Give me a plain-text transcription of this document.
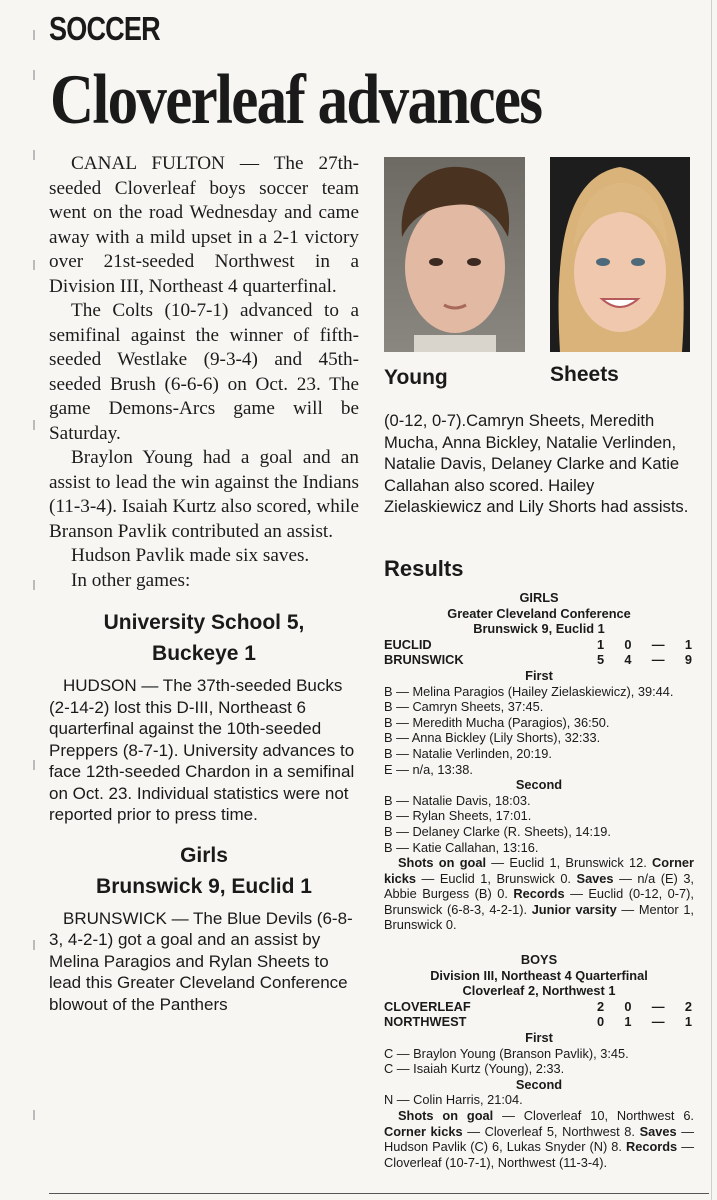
SOCCER
Cloverleaf advances

CANAL FULTON — The 27th-seeded Cloverleaf boys soccer team went on the road Wednesday and came away with a mild upset in a 2-1 victory over 21st-seeded Northwest in a Division III, Northeast 4 quarterfinal.

The Colts (10-7-1) advanced to a semifinal against the winner of fifth-seeded Westlake (9-3-4) and 45th-seeded Brush (6-6-6) on Oct. 23. The game Demons-Arcs game will be Saturday.

Braylon Young had a goal and an assist to lead the win against the Indians (11-3-4). Isaiah Kurtz also scored, while Branson Pavlik contributed an assist.

Hudson Pavlik made six saves.

In other games:

University School 5,
Buckeye 1

HUDSON — The 37th-seeded Bucks (2-14-2) lost this D-III, Northeast 6 quarterfinal against the 10th-seeded Preppers (8-7-1). University advances to face 12th-seeded Chardon in a semifinal on Oct. 23. Individual statistics were not reported prior to press time.

Girls
Brunswick 9, Euclid 1

BRUNSWICK — The Blue Devils (6-8-3, 4-2-1) got a goal and an assist by Melina Paragios and Rylan Sheets to lead this Greater Cleveland Conference blowout of the Panthers

Young	Sheets

(0-12, 0-7).Camryn Sheets, Meredith Mucha, Anna Bickley, Natalie Verlinden, Natalie Davis, Delaney Clarke and Katie Callahan also scored. Hailey Zielaskiewicz and Lily Shorts had assists.

Results
GIRLS
Greater Cleveland Conference
Brunswick 9, Euclid 1
EUCLID	1 0 — 1
BRUNSWICK	5 4 — 9
First
B — Melina Paragios (Hailey Zielaskiewicz), 39:44.
B — Camryn Sheets, 37:45.
B — Meredith Mucha (Paragios), 36:50.
B — Anna Bickley (Lily Shorts), 32:33.
B — Natalie Verlinden, 20:19.
E — n/a, 13:38.
Second
B — Natalie Davis, 18:03.
B — Rylan Sheets, 17:01.
B — Delaney Clarke (R. Sheets), 14:19.
B — Katie Callahan, 13:16.
Shots on goal — Euclid 1, Brunswick 12. Corner kicks — Euclid 1, Brunswick 0. Saves — n/a (E) 3, Abbie Burgess (B) 0. Records — Euclid (0-12, 0-7), Brunswick (6-8-3, 4-2-1). Junior varsity — Mentor 1, Brunswick 0.
BOYS
Division III, Northeast 4 Quarterfinal
Cloverleaf 2, Northwest 1
CLOVERLEAF	2 0 — 2
NORTHWEST	0 1 — 1
First
C — Braylon Young (Branson Pavlik), 3:45.
C — Isaiah Kurtz (Young), 2:33.
Second
N — Colin Harris, 21:04.
Shots on goal — Cloverleaf 10, Northwest 6. Corner kicks — Cloverleaf 5, Northwest 8. Saves — Hudson Pavlik (C) 6, Lukas Snyder (N) 8. Records — Cloverleaf (10-7-1), Northwest (11-3-4).
